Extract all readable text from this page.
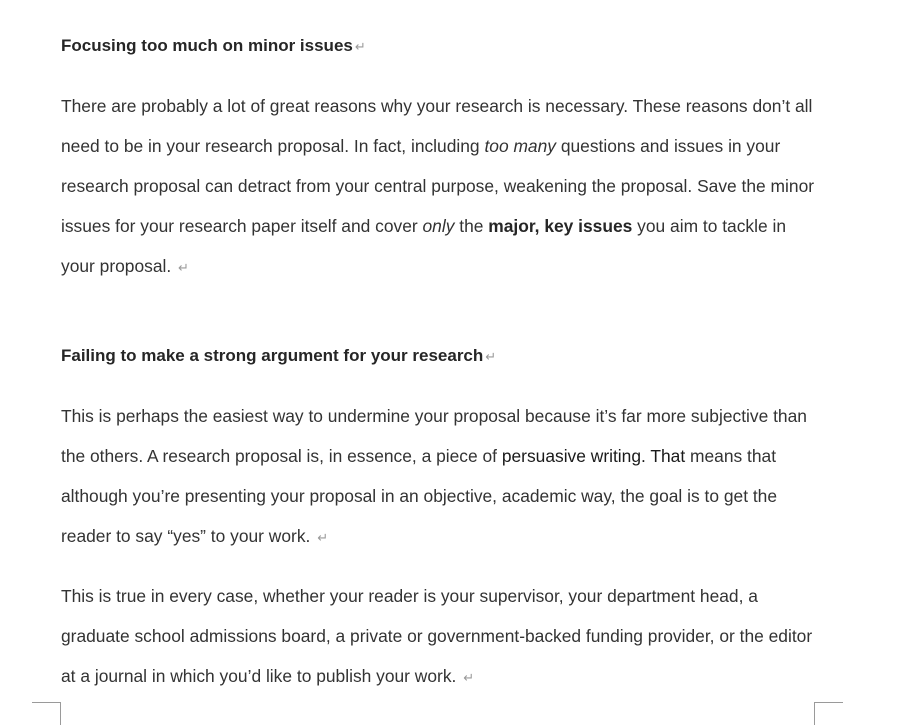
Focusing too much on minor issues ↵
There are probably a lot of great reasons why your research is necessary. These reasons don’t all need to be in your research proposal. In fact, including too many questions and issues in your research proposal can detract from your central purpose, weakening the proposal. Save the minor issues for your research paper itself and cover only the major, key issues you aim to tackle in your proposal. ↵
Failing to make a strong argument for your research ↵
This is perhaps the easiest way to undermine your proposal because it’s far more subjective than the others. A research proposal is, in essence, a piece of persuasive writing. That means that although you’re presenting your proposal in an objective, academic way, the goal is to get the reader to say “yes” to your work. ↵
This is true in every case, whether your reader is your supervisor, your department head, a graduate school admissions board, a private or government-backed funding provider, or the editor at a journal in which you’d like to publish your work. ↵
